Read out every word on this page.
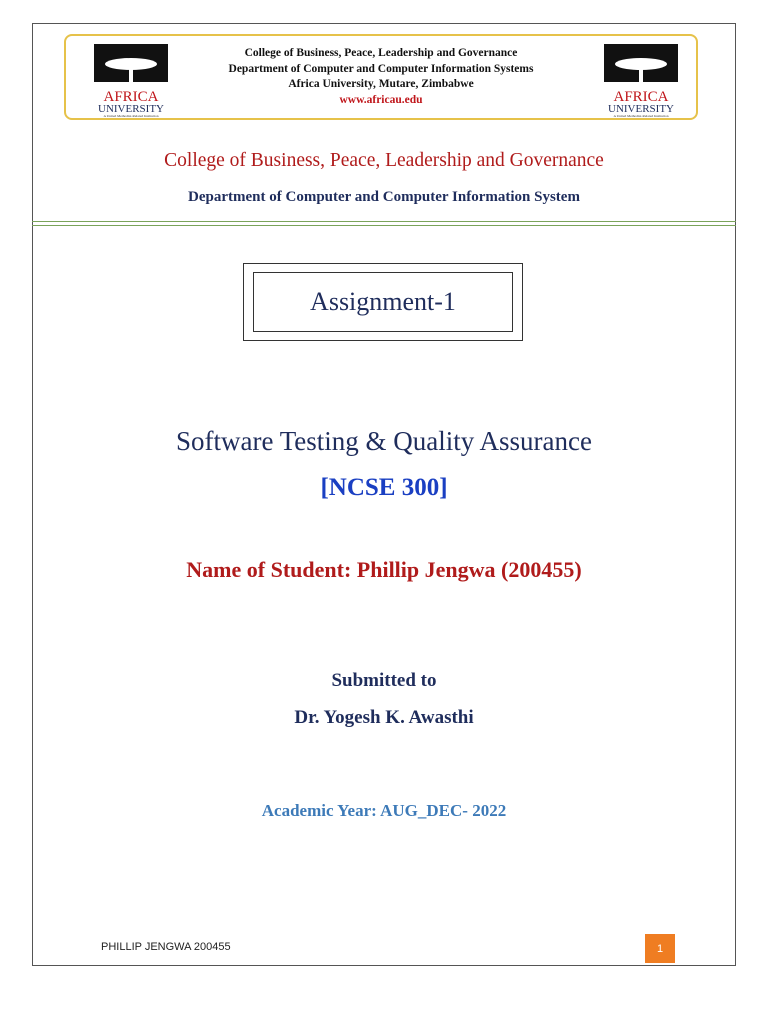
AFRICA
UNIVERSITY
A United Methodist-Related Institution
College of Business, Peace, Leadership and Governance
Department of Computer and Computer Information Systems
Africa University, Mutare, Zimbabwe
www.africau.edu	AFRICA
UNIVERSITY
A United Methodist-Related Institution
College of Business, Peace, Leadership and Governance
Department of Computer and Computer Information System
Assignment-1
Software Testing & Quality Assurance
[NCSE 300]
Name of Student: Phillip Jengwa (200455)
Submitted to
Dr. Yogesh K. Awasthi
Academic Year: AUG_DEC- 2022
PHILLIP JENGWA 200455	1
